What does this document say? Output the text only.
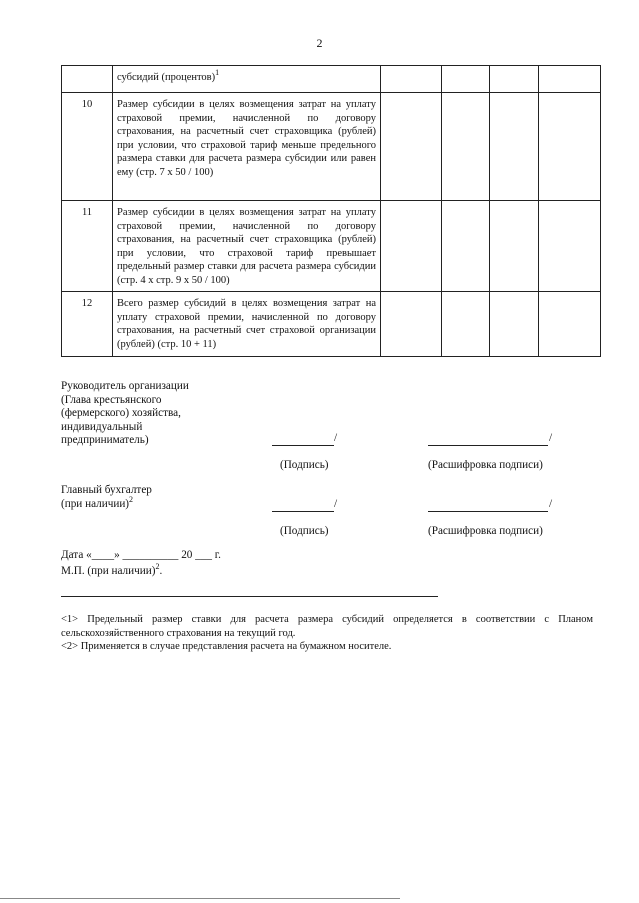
2
	субсидий (процентов)$^1$				
10	Размер субсидии в целях возмещения затрат на уплату страховой премии, начисленной по договору страхования, на расчетный счет страховщика (рублей) при условии, что страховой тариф меньше предельного размера ставки для расчета размера субсидии или равен ему (стр. 7 х 50 / 100)				
11	Размер субсидии в целях возмещения затрат на уплату страховой премии, начисленной по договору страхования, на расчетный счет страховщика (рублей) при условии, что страховой тариф превышает предельный размер ставки для расчета размера субсидии (стр. 4 х стр. 9 х 50 / 100)				
12	Всего размер субсидий в целях возмещения затрат на уплату страховой премии, начисленной по договору страхования, на расчетный счет страховой организации (рублей) (стр. 10 + 11)				
Руководитель организации
(Глава крестьянского
(фермерского) хозяйства,
индивидуальный
предприниматель)	/	/
(Подпись)	(Расшифровка подписи)
Главный бухгалтер
(при наличии)$^2$	/	/
(Подпись)	(Расшифровка подписи)
Дата «____» __________ 20 ___ г.
М.П. (при наличии)$^2$.
<1> Предельный размер ставки для расчета размера субсидий определяется в соответствии с Планом сельскохозяйственного страхования на текущий год.
<2> Применяется в случае представления расчета на бумажном носителе.
